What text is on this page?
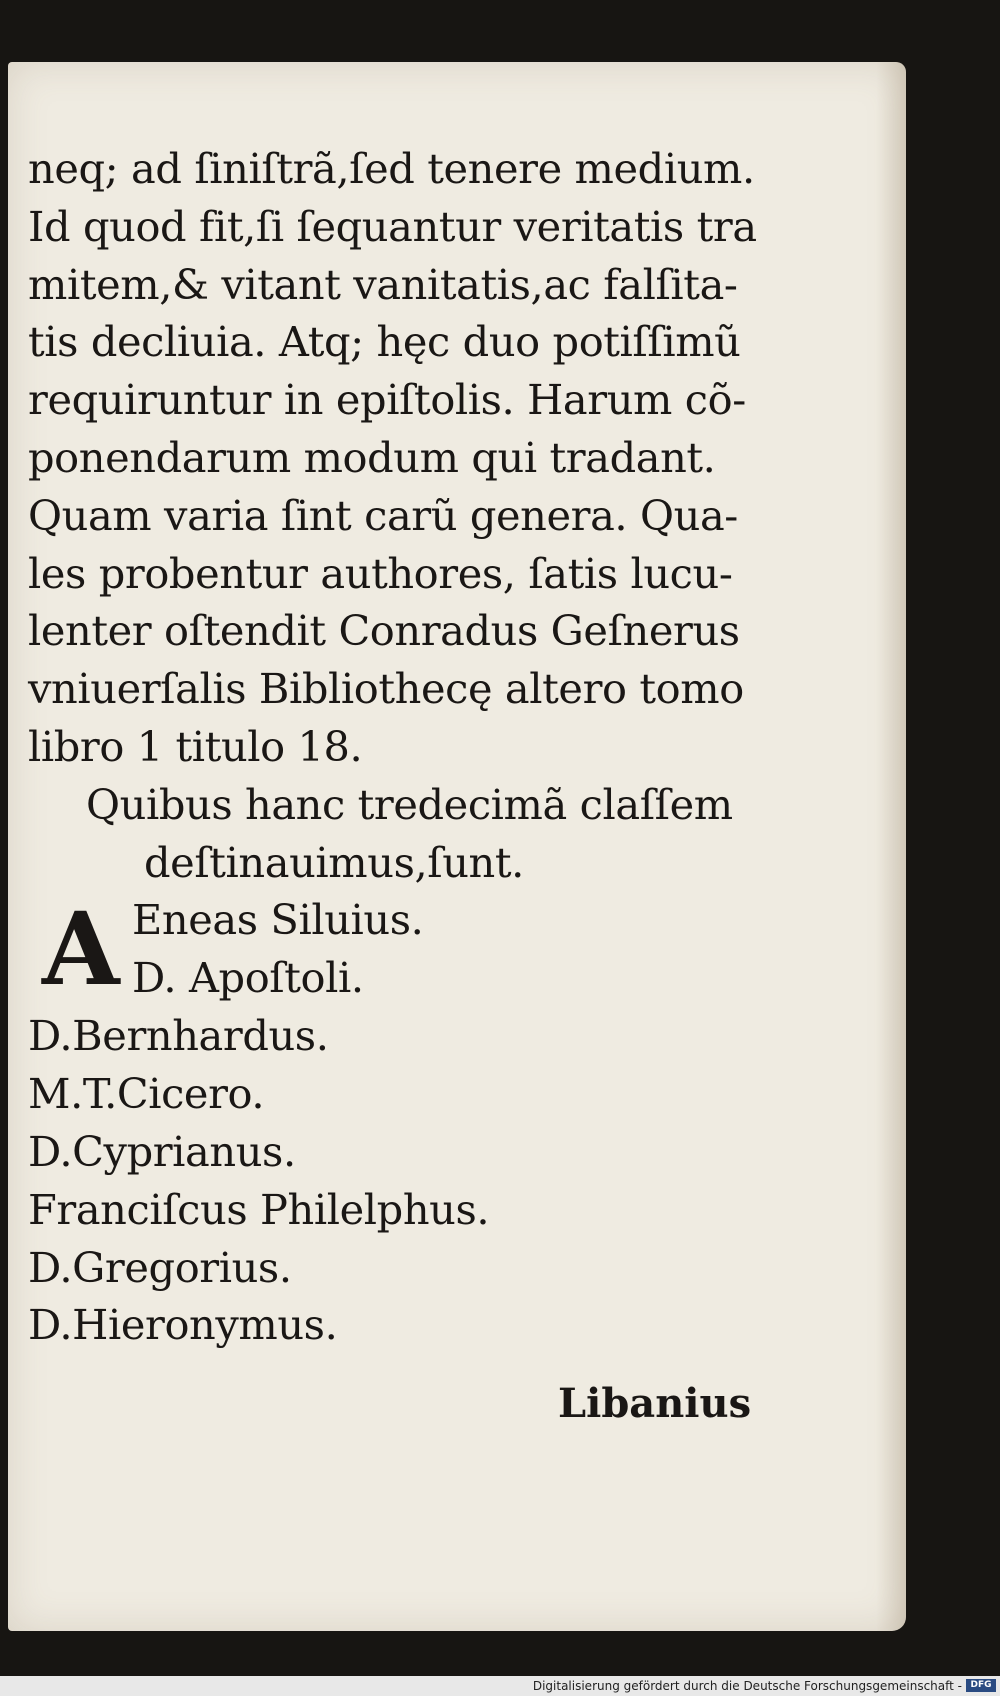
neq; ad ſiniſtrã,ſed tenere medium.
Id quod fit,ſi ſequantur veritatis tra
mitem,& vitant vanitatis,ac falſita-
tis decliuia. Atq; hęc duo potiſſimũ
requiruntur in epiſtolis. Harum cõ-
ponendarum modum qui tradant.
Quam varia ſint carũ genera. Qua-
les probentur authores, ſatis lucu-
lenter oſtendit Conradus Geſnerus
vniuerſalis Bibliothecę altero tomo
libro 1 titulo 18.
Quibus hanc tredecimã claſſem
deſtinauimus,ſunt.
A Eneas Siluius.
D. Apoſtoli.
D.Bernhardus.
M.T.Cicero.
D.Cyprianus.
Franciſcus Philelphus.
D.Gregorius.
D.Hieronymus.
Libanius
Digitalisierung gefördert durch die Deutsche Forschungsgemeinschaft - DFG
